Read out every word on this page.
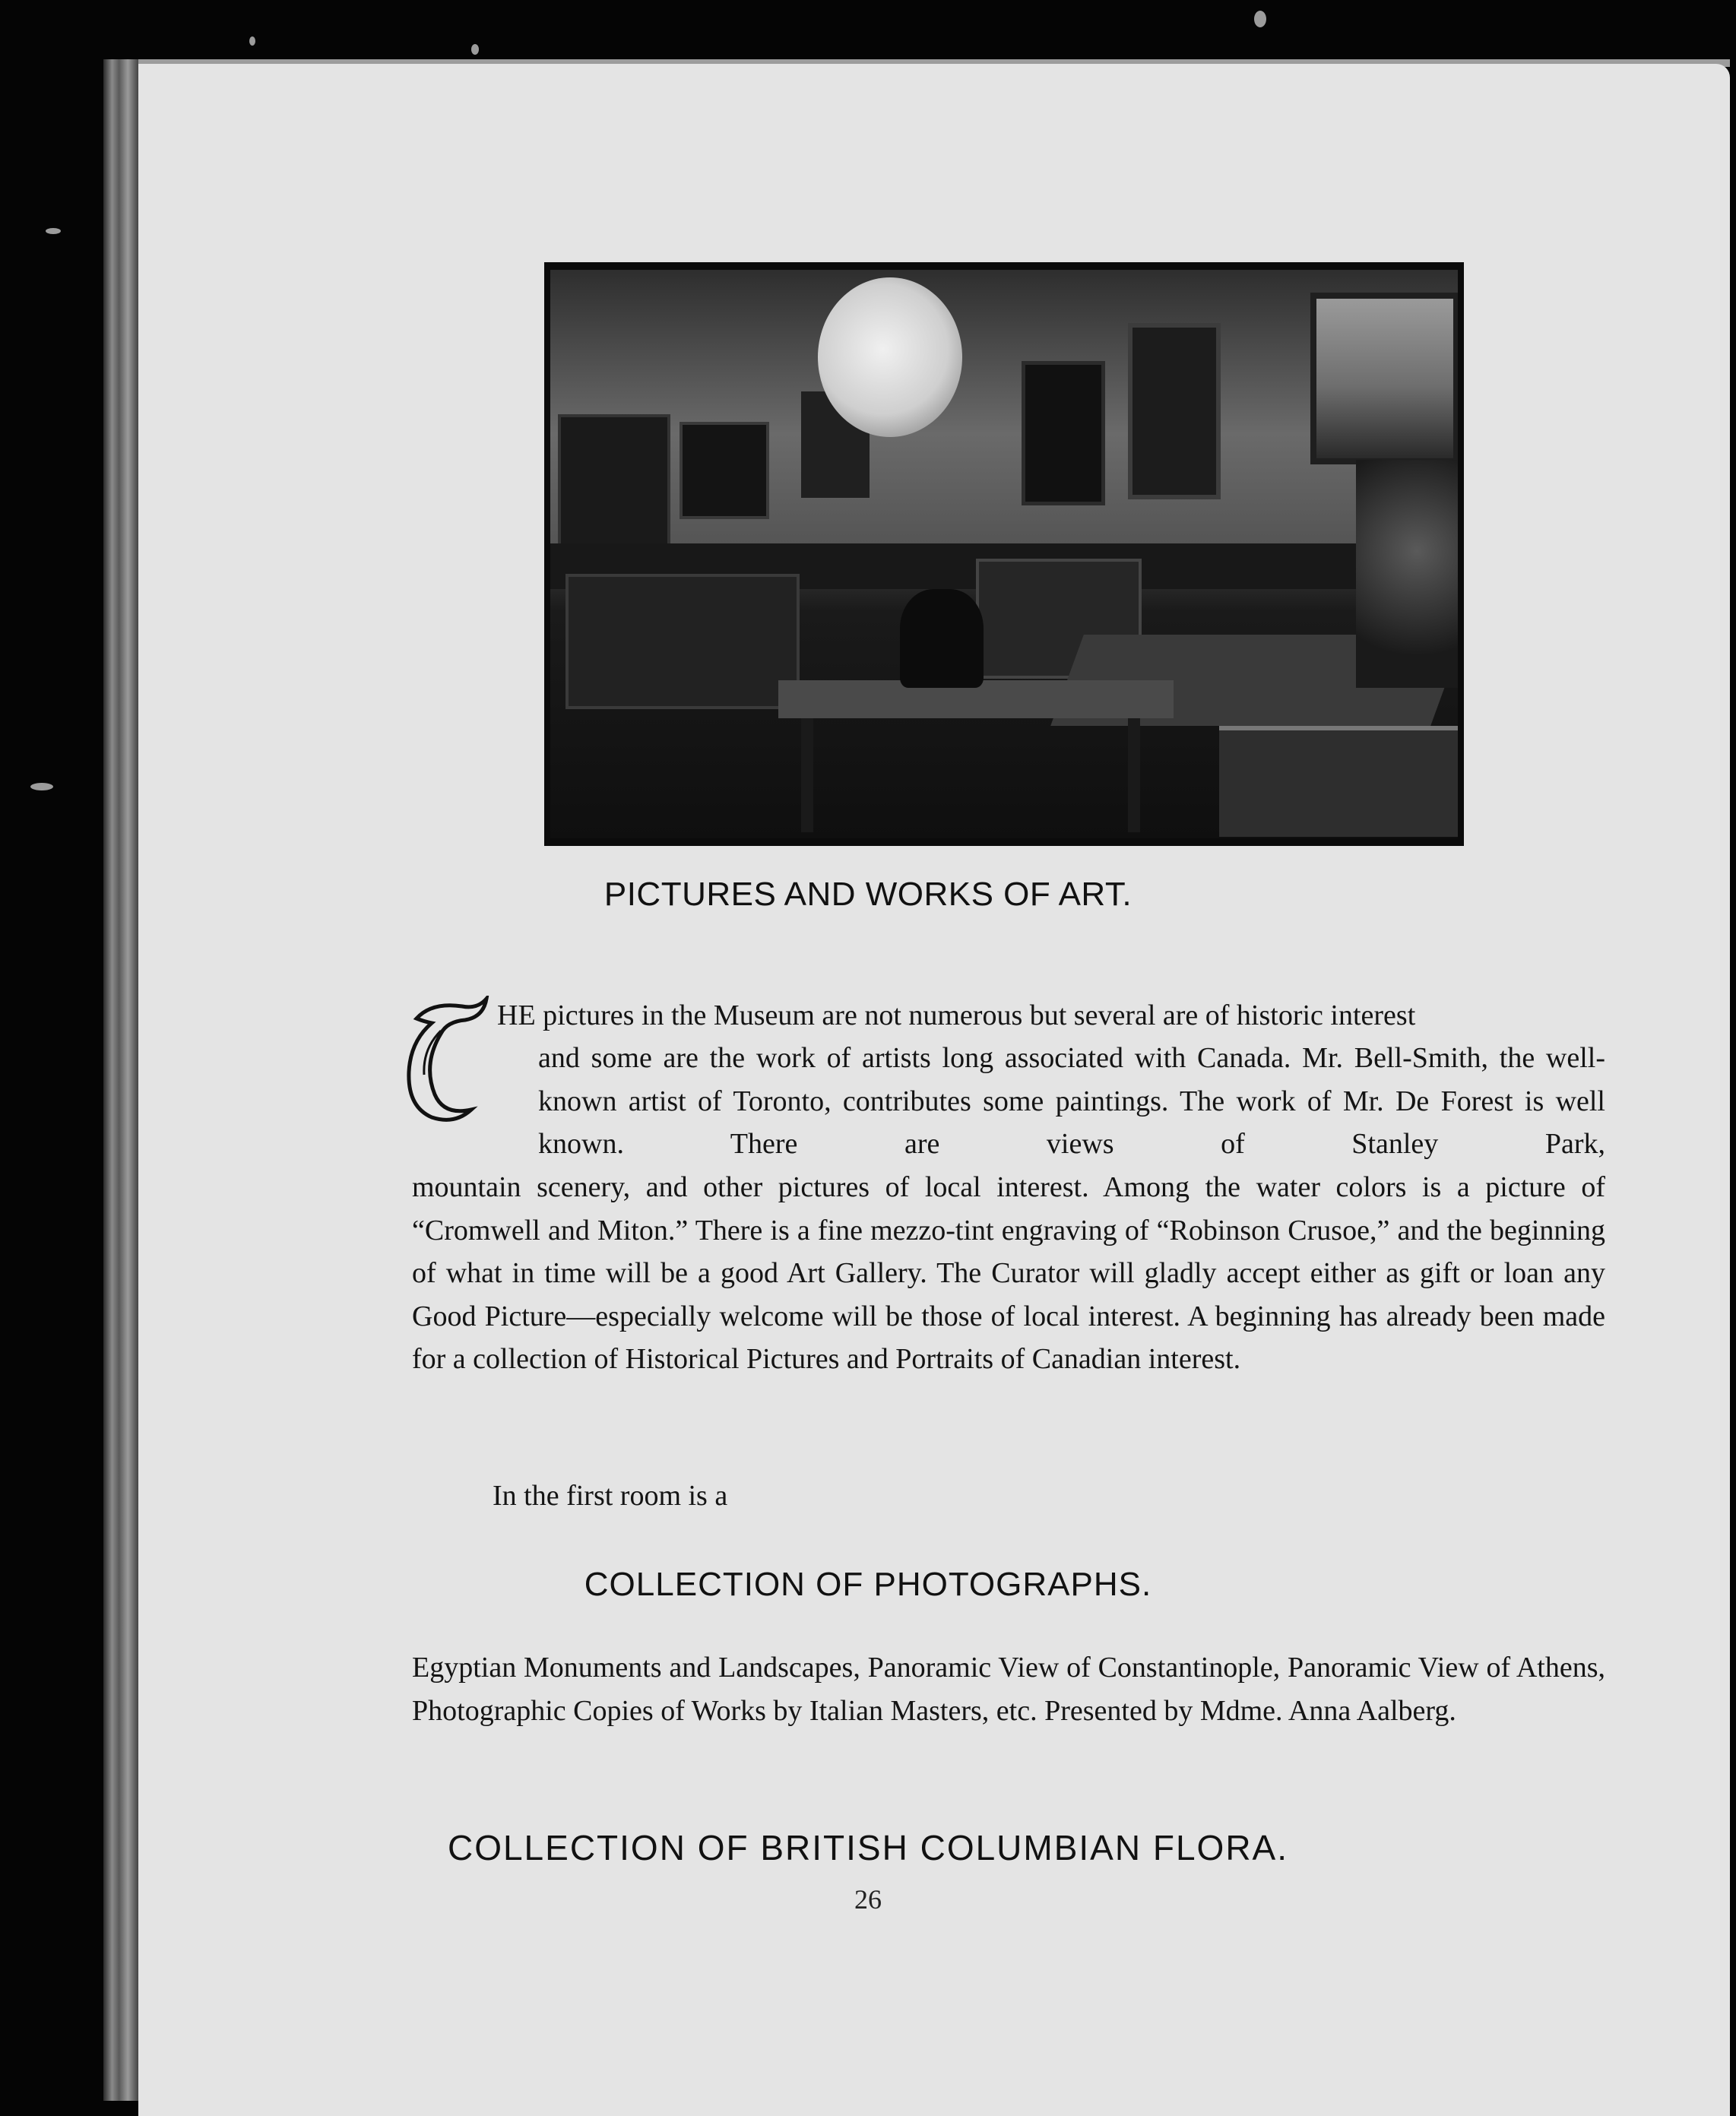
PICTURES AND WORKS OF ART.

HE pictures in the Museum are not numerous but several are of historic interest

and some are the work of artists long associated with Canada. Mr. Bell-Smith, the well-known artist of Toronto, contributes some paintings. The work of Mr. De Forest is well known. There are views of Stanley Park,

mountain scenery, and other pictures of local interest. Among the water colors is a picture of “Cromwell and Miton.” There is a fine mezzo-tint engraving of “Robinson Crusoe,” and the beginning of what in time will be a good Art Gallery. The Curator will gladly accept either as gift or loan any Good Picture—especially welcome will be those of local interest. A beginning has already been made for a collection of Historical Pictures and Portraits of Canadian interest.

In the first room is a

COLLECTION OF PHOTOGRAPHS.

Egyptian Monuments and Landscapes, Panoramic View of Constantinople, Panoramic View of Athens, Photographic Copies of Works by Italian Masters, etc. Presented by Mdme. Anna Aalberg.

COLLECTION OF BRITISH COLUMBIAN FLORA.

26
